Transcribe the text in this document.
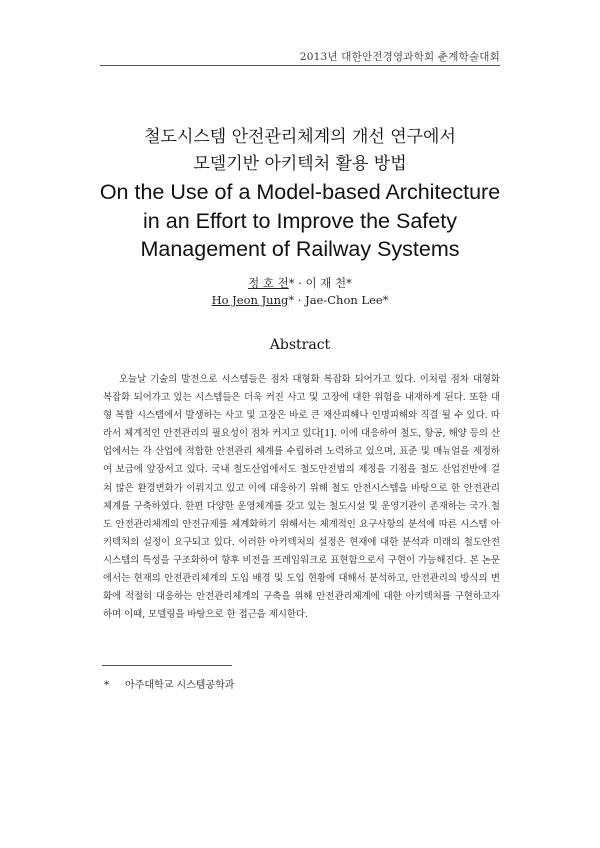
2013년 대한안전경영과학회 춘계학술대회
철도시스템 안전관리체계의 개선 연구에서
모델기반 아키텍처 활용 방법
On the Use of a Model-based Architecture
in an Effort to Improve the Safety
Management of Railway Systems
정 호 전* · 이 재 천*
Ho Jeon Jung* · Jae-Chon Lee*
Abstract

오늘날 기술의 발전으로 시스템들은 점차 대형화 복잡화 되어가고 있다. 이처럼 점차 대형화 복잡화 되어가고 있는 시스템들은 더욱 커진 사고 및 고장에 대한 위험을 내재하게 된다. 또한 대형 복합 시스템에서 발생하는 사고 및 고장은 바로 큰 재산피해나 인명피해와 직결 될 수 있다. 따라서 체계적인 안전관리의 필요성이 점차 커지고 있다[1]. 이에 대응하여 철도, 항공, 해양 등의 산업에서는 각 산업에 적합한 안전관리 체계를 수립하려 노력하고 있으며, 표준 및 매뉴얼을 제정하여 보급에 앞장서고 있다. 국내 철도산업에서도 철도안전법의 제정을 기점을 철도 산업전반에 걸쳐 많은 환경변화가 이뤄지고 있고 이에 대응하기 위해 철도 안전시스템을 바탕으로 한 안전관리체계를 구축하였다. 한편 다양한 운영체계를 갖고 있는 철도시설 및 운영기관이 존재하는 국가 철도 안전관리체계의 안전규제를 체계화하기 위해서는 체계적인 요구사항의 분석에 따른 시스템 아키텍처의 설정이 요구되고 있다. 이러한 아키텍처의 설정은 현재에 대한 분석과 미래의 철도안전시스템의 특성을 구조화하여 향후 비전을 프레임워크로 표현함으로서 구현이 가능해진다. 본 논문에서는 현재의 안전관리체계의 도입 배경 및 도입 현황에 대해서 분석하고, 안전관리의 방식의 변화에 적절히 대응하는 안전관리체계의 구축을 위해 안전관리체계에 대한 아키텍처를 구현하고자 하며 이때, 모델링을 바탕으로 한 접근을 제시한다.

* 아주대학교 시스템공학과
